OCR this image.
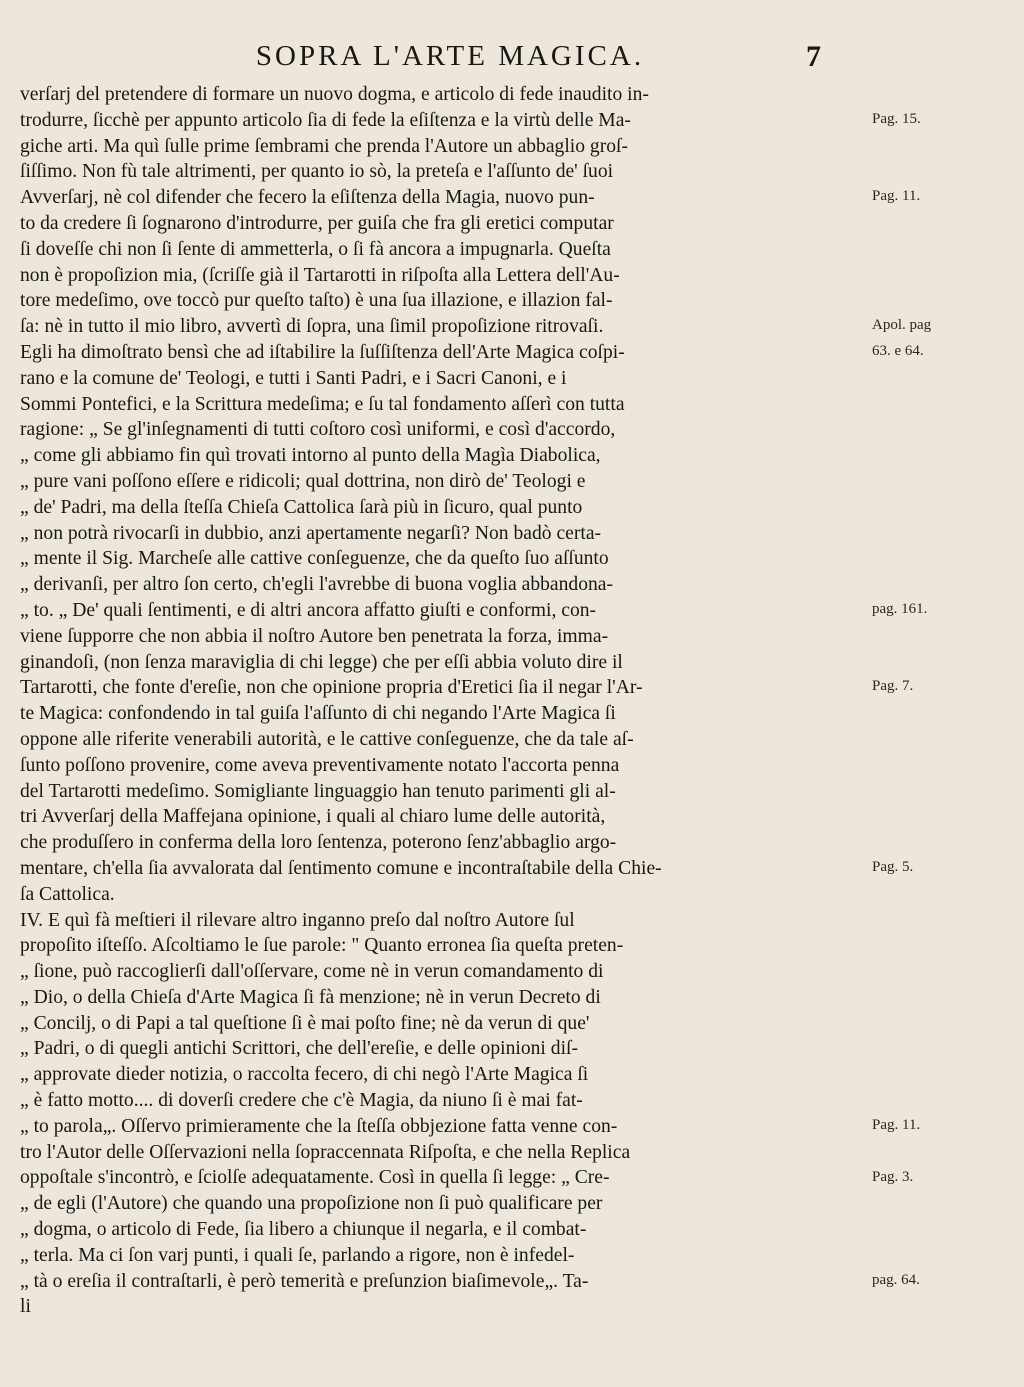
SOPRA L'ARTE MAGICA.	7
verſarj del pretendere di formare un nuovo dogma, e articolo di fede inaudito in-
trodurre, ſicchè per appunto articolo ſia di fede la eſiſtenza e la virtù delle Ma-
giche arti. Ma quì ſulle prime ſembrami che prenda l'Autore un abbaglio groſ-
ſiſſimo. Non fù tale altrimenti, per quanto io sò, la preteſa e l'aſſunto de' ſuoi
Avverſarj, nè col difender che fecero la eſiſtenza della Magia, nuovo pun-
to da credere ſi ſognarono d'introdurre, per guiſa che fra gli eretici computar
ſi doveſſe chi non ſi ſente di ammetterla, o ſi fà ancora a impugnarla. Queſta
non è propoſizion mia, (ſcriſſe già il Tartarotti in riſpoſta alla Lettera dell'Au-
tore medeſimo, ove toccò pur queſto taſto) è una ſua illazione, e illazion fal-
ſa: nè in tutto il mio libro, avvertì di ſopra, una ſimil propoſizione ritrovaſi.
Egli ha dimoſtrato bensì che ad iſtabilire la ſuſſiſtenza dell'Arte Magica coſpi-
rano e la comune de' Teologi, e tutti i Santi Padri, e i Sacri Canoni, e i
Sommi Pontefici, e la Scrittura medeſima; e ſu tal fondamento aſſerì con tutta
ragione: „ Se gl'inſegnamenti di tutti coſtoro così uniformi, e così d'accordo,
„ come gli abbiamo fin quì trovati intorno al punto della Magìa Diabolica,
„ pure vani poſſono eſſere e ridicoli; qual dottrina, non dirò de' Teologi e
„ de' Padri, ma della ſteſſa Chieſa Cattolica ſarà più in ſicuro, qual punto
„ non potrà rivocarſi in dubbio, anzi apertamente negarſi? Non badò certa-
„ mente il Sig. Marcheſe alle cattive conſeguenze, che da queſto ſuo aſſunto
„ derivanſi, per altro ſon certo, ch'egli l'avrebbe di buona voglia abbandona-
„ to. „ De' quali ſentimenti, e di altri ancora affatto giuſti e conformi, con-
viene ſupporre che non abbia il noſtro Autore ben penetrata la forza, imma-
ginandoſi, (non ſenza maraviglia di chi legge) che per eſſi abbia voluto dire il
Tartarotti, che fonte d'ereſie, non che opinione propria d'Eretici ſia il negar l'Ar-
te Magica: confondendo in tal guiſa l'aſſunto di chi negando l'Arte Magica ſi
oppone alle riferite venerabili autorità, e le cattive conſeguenze, che da tale aſ-
ſunto poſſono provenire, come aveva preventivamente notato l'accorta penna
del Tartarotti medeſimo. Somigliante linguaggio han tenuto parimenti gli al-
tri Avverſarj della Maffejana opinione, i quali al chiaro lume delle autorità,
che produſſero in conferma della loro ſentenza, poterono ſenz'abbaglio argo-
mentare, ch'ella ſia avvalorata dal ſentimento comune e incontraſtabile della Chie-
ſa Cattolica.
IV. E quì fà meſtieri il rilevare altro inganno preſo dal noſtro Autore ſul
propoſito iſteſſo. Aſcoltiamo le ſue parole: " Quanto erronea ſia queſta preten-
„ ſione, può raccoglierſi dall'oſſervare, come nè in verun comandamento di
„ Dio, o della Chieſa d'Arte Magica ſi fà menzione; nè in verun Decreto di
„ Concilj, o di Papi a tal queſtione ſi è mai poſto fine; nè da verun di que'
„ Padri, o di quegli antichi Scrittori, che dell'ereſie, e delle opinioni diſ-
„ approvate dieder notizia, o raccolta fecero, di chi negò l'Arte Magica ſi
„ è fatto motto.... di doverſi credere che c'è Magia, da niuno ſi è mai fat-
„ to parola„. Oſſervo primieramente che la ſteſſa obbjezione fatta venne con-
tro l'Autor delle Oſſervazioni nella ſopraccennata Riſpoſta, e che nella Replica
oppoſtale s'incontrò, e ſciolſe adequatamente. Così in quella ſi legge: „ Cre-
„ de egli (l'Autore) che quando una propoſizione non ſi può qualificare per
„ dogma, o articolo di Fede, ſia libero a chiunque il negarla, e il combat-
„ terla. Ma ci ſon varj punti, i quali ſe, parlando a rigore, non è infedel-
„ tà o ereſia il contraſtarli, è però temerità e preſunzion biaſimevole„. Ta-
li
Pag. 15.
Pag. 11.
Apol. pag
63. e 64.
pag. 161.
Pag. 7.
Pag. 5.
Pag. 11.
Pag. 3.
pag. 64.
